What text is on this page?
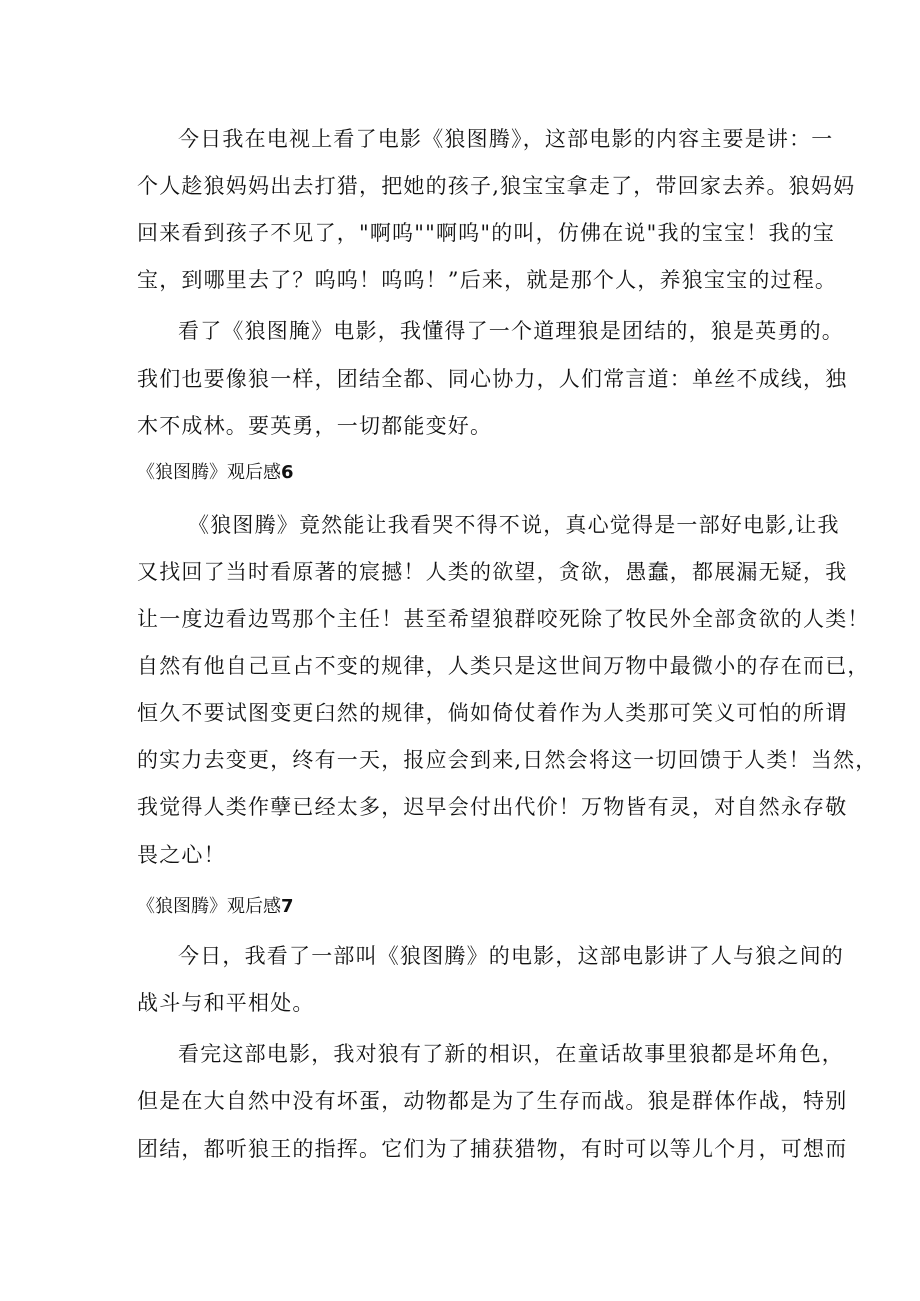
今日我在电视上看了电影《狼图腾》，这部电影的内容主要是讲：一
个人趁狼妈妈出去打猎，把她的孩子,狼宝宝拿走了，带回家去养。狼妈妈
回来看到孩子不见了，"啊呜""啊呜"的叫，仿佛在说"我的宝宝！我的宝
宝，到哪里去了？呜呜！呜呜！”后来，就是那个人，养狼宝宝的过程。
看了《狼图腌》电影，我懂得了一个道理狼是团结的，狼是英勇的。
我们也要像狼一样，团结全都、同心协力，人们常言道：单丝不成线，独
木不成林。要英勇，一切都能变好。
《狼图腾》观后感6
《狼图腾》竟然能让我看哭不得不说，真心觉得是一部好电影,让我
又找回了当时看原著的宸撼！人类的欲望，贪欲，愚蠢，都展漏无疑，我
让一度边看边骂那个主任！甚至希望狼群咬死除了牧民外全部贪欲的人类！
自然有他自己亘占不变的规律，人类只是这世间万物中最微小的存在而已，
恒久不要试图变更臼然的规律，倘如倚仗着作为人类那可笑义可怕的所谓
的实力去变更，终有一天，报应会到来,日然会将这一切回馈于人类！当然，
我觉得人类作孽已经太多，迟早会付出代价！万物皆有灵，对自然永存敬
畏之心！
《狼图腾》观后感7
今日，我看了一部叫《狼图腾》的电影，这部电影讲了人与狼之间的
战斗与和平相处。
看完这部电影，我对狼有了新的相识，在童话故事里狼都是坏角色，
但是在大自然中没有坏蛋，动物都是为了生存而战。狼是群体作战，特别
团结，都听狼王的指挥。它们为了捕获猎物，有时可以等儿个月，可想而
